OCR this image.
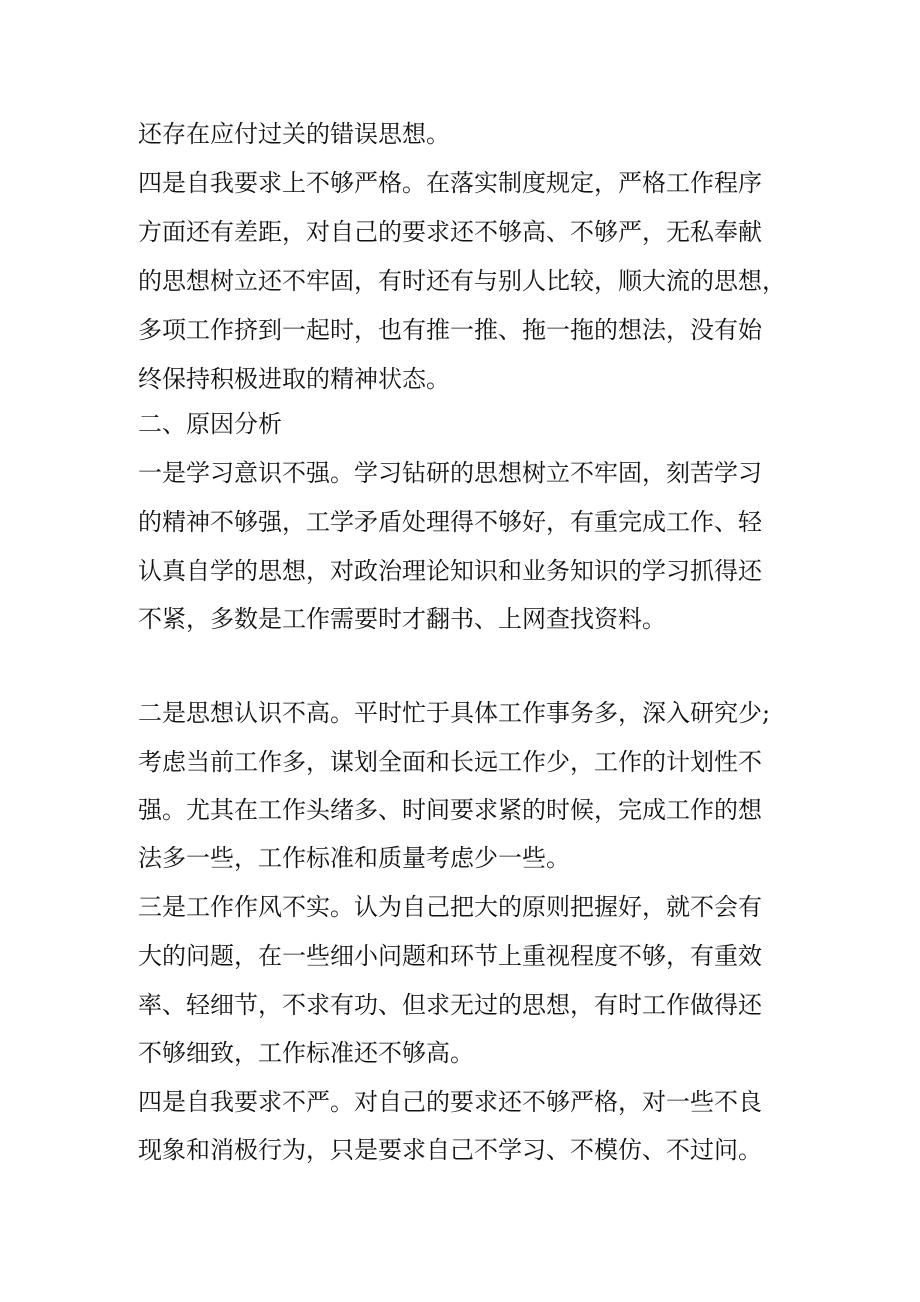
还存在应付过关的错误思想。
四是自我要求上不够严格。在落实制度规定，严格工作程序
方面还有差距，对自己的要求还不够高、不够严，无私奉献
的思想树立还不牢固，有时还有与别人比较，顺大流的思想，
多项工作挤到一起时，也有推一推、拖一拖的想法，没有始
终保持积极进取的精神状态。
二、原因分析
一是学习意识不强。学习钻研的思想树立不牢固，刻苦学习
的精神不够强，工学矛盾处理得不够好，有重完成工作、轻
认真自学的思想，对政治理论知识和业务知识的学习抓得还
不紧，多数是工作需要时才翻书、上网查找资料。
二是思想认识不高。平时忙于具体工作事务多，深入研究少;
考虑当前工作多，谋划全面和长远工作少，工作的计划性不
强。尤其在工作头绪多、时间要求紧的时候，完成工作的想
法多一些，工作标准和质量考虑少一些。
三是工作作风不实。认为自己把大的原则把握好，就不会有
大的问题，在一些细小问题和环节上重视程度不够，有重效
率、轻细节，不求有功、但求无过的思想，有时工作做得还
不够细致，工作标准还不够高。
四是自我要求不严。对自己的要求还不够严格，对一些不良
现象和消极行为，只是要求自己不学习、不模仿、不过问。
